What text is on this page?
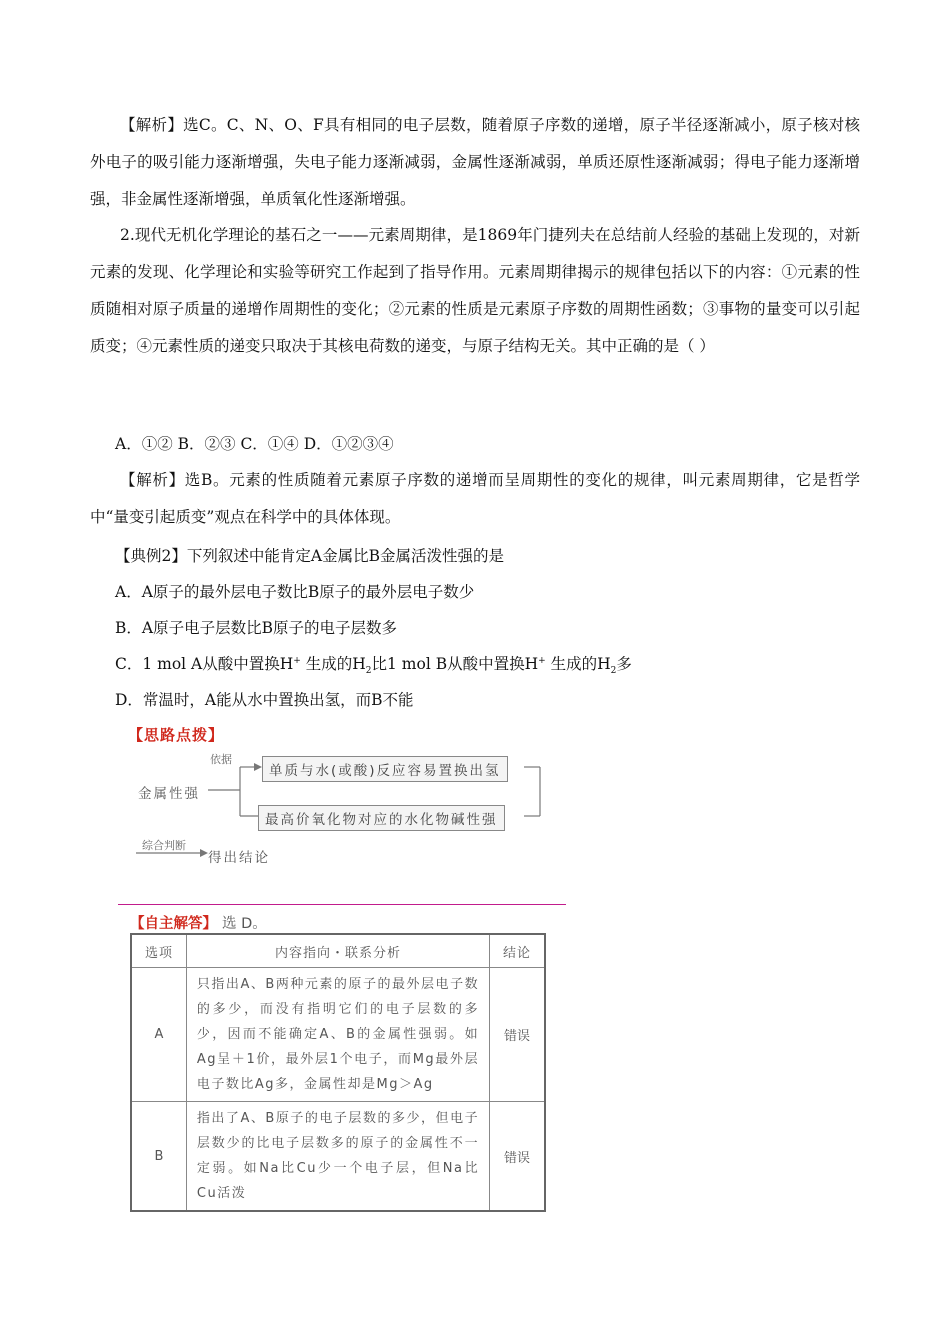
【解析】选C。C、N、O、F具有相同的电子层数，随着原子序数的递增，原子半径逐渐减小，原子核对核外电子的吸引能力逐渐增强，失电子能力逐渐减弱，金属性逐渐减弱，单质还原性逐渐减弱；得电子能力逐渐增强，非金属性逐渐增强，单质氧化性逐渐增强。

2.现代无机化学理论的基石之一——元素周期律，是1869年门捷列夫在总结前人经验的基础上发现的，对新元素的发现、化学理论和实验等研究工作起到了指导作用。元素周期律揭示的规律包括以下的内容：①元素的性质随相对原子质量的递增作周期性的变化；②元素的性质是元素原子序数的周期性函数；③事物的量变可以引起质变；④元素性质的递变只取决于其核电荷数的递变，与原子结构无关。其中正确的是（ ）

A．①② B．②③ C．①④ D．①②③④

【解析】选B。元素的性质随着元素原子序数的递增而呈周期性的变化的规律，叫元素周期律，它是哲学中“量变引起质变”观点在科学中的具体体现。

【典例2】下列叙述中能肯定A金属比B金属活泼性强的是
A．A原子的最外层电子数比B原子的最外层电子数少
B．A原子电子层数比B原子的电子层数多
C．1 mol A从酸中置换H+ 生成的$H_2$比1 mol B从酸中置换H+ 生成的$H_2$多
D．常温时，A能从水中置换出氢，而B不能
【思路点拨】
依据
金属性强
单质与水(或酸)反应容易置换出氢
最高价氧化物对应的水化物碱性强
综合判断
得出结论
【自主解答】 选 D。
选项	内容指向・联系分析	结论
A	只指出A、B两种元素的原子的最外层电子数的多少，而没有指明它们的电子层数的多少，因而不能确定A、B的金属性强弱。如Ag呈＋1价，最外层1个电子，而Mg最外层电子数比Ag多，金属性却是Mg＞Ag	错误
B	指出了A、B原子的电子层数的多少，但电子层数少的比电子层数多的原子的金属性不一定弱。如Na比Cu少一个电子层，但Na比Cu活泼	错误
